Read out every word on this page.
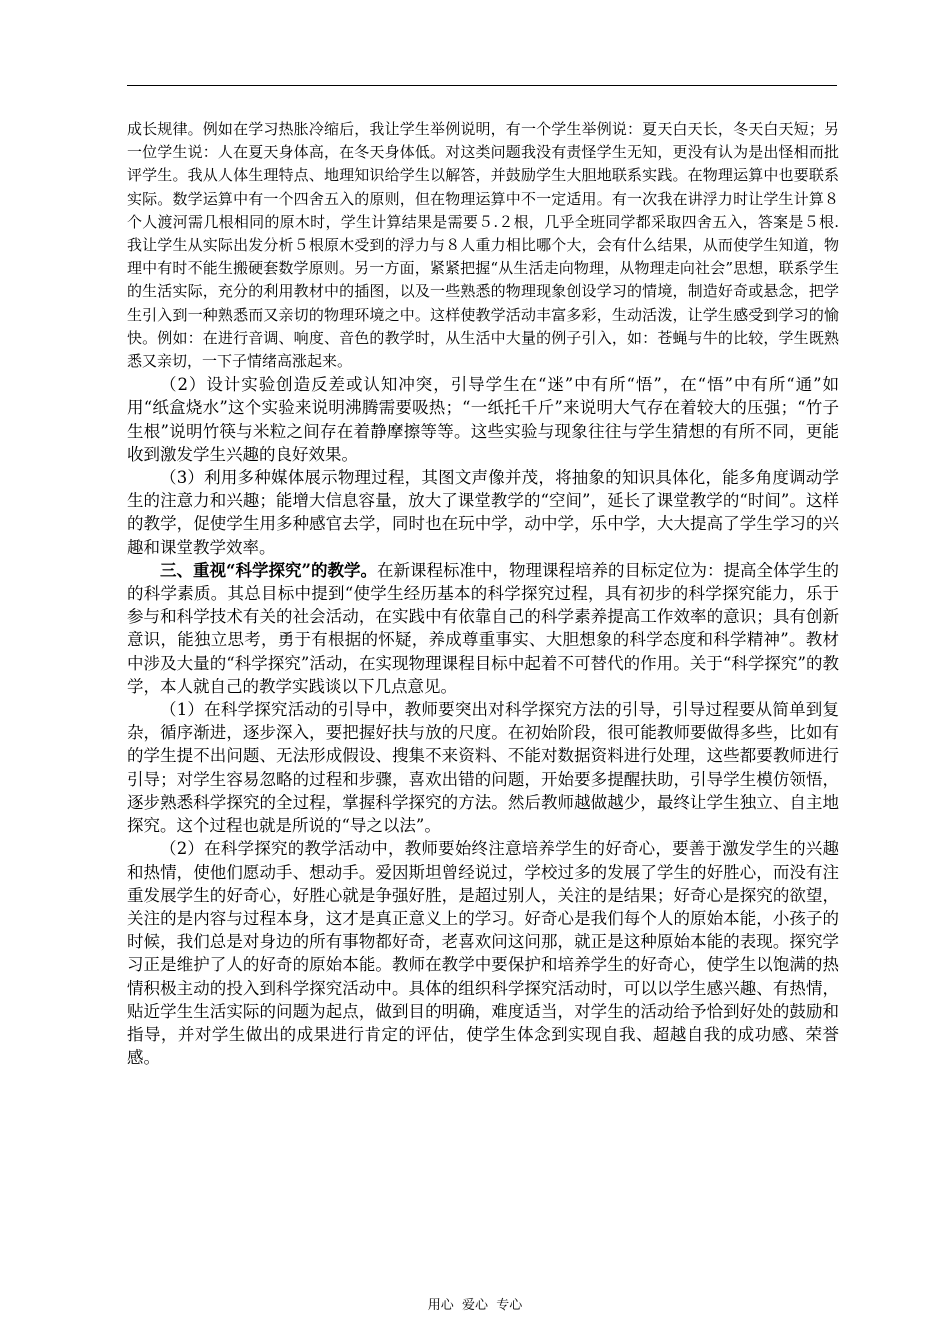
成长规律。例如在学习热胀冷缩后，我让学生举例说明，有一个学生举例说：夏天白天长，冬天白天短；另一位学生说：人在夏天身体高，在冬天身体低。对这类问题我没有责怪学生无知，更没有认为是出怪相而批评学生。我从人体生理特点、地理知识给学生以解答，并鼓励学生大胆地联系实践。在物理运算中也要联系实际。数学运算中有一个四舍五入的原则，但在物理运算中不一定适用。有一次我在讲浮力时让学生计算８个人渡河需几根相同的原木时，学生计算结果是需要５.２根，几乎全班同学都采取四舍五入，答案是５根.我让学生从实际出发分析５根原木受到的浮力与８人重力相比哪个大，会有什么结果，从而使学生知道，物理中有时不能生搬硬套数学原则。另一方面，紧紧把握“从生活走向物理，从物理走向社会”思想，联系学生的生活实际，充分的利用教材中的插图，以及一些熟悉的物理现象创设学习的情境，制造好奇或悬念，把学生引入到一种熟悉而又亲切的物理环境之中。这样使教学活动丰富多彩，生动活泼，让学生感受到学习的愉快。例如：在进行音调、响度、音色的教学时，从生活中大量的例子引入，如：苍蝇与牛的比较，学生既熟悉又亲切，一下子情绪高涨起来。

（2）设计实验创造反差或认知冲突，引导学生在“迷”中有所“悟”，在“悟”中有所“通”如用“纸盒烧水”这个实验来说明沸腾需要吸热；“一纸托千斤”来说明大气存在着较大的压强；“竹子生根”说明竹筷与米粒之间存在着静摩擦等等。这些实验与现象往往与学生猜想的有所不同，更能收到激发学生兴趣的良好效果。

（3）利用多种媒体展示物理过程，其图文声像并茂，将抽象的知识具体化，能多角度调动学生的注意力和兴趣；能增大信息容量，放大了课堂教学的“空间”，延长了课堂教学的“时间”。这样的教学，促使学生用多种感官去学，同时也在玩中学，动中学，乐中学，大大提高了学生学习的兴趣和课堂教学效率。

三、重视“科学探究”的教学。在新课程标准中，物理课程培养的目标定位为：提高全体学生的的科学素质。其总目标中提到“使学生经历基本的科学探究过程，具有初步的科学探究能力，乐于参与和科学技术有关的社会活动，在实践中有依靠自己的科学素养提高工作效率的意识；具有创新意识，能独立思考，勇于有根据的怀疑，养成尊重事实、大胆想象的科学态度和科学精神”。教材中涉及大量的“科学探究”活动，在实现物理课程目标中起着不可替代的作用。关于“科学探究”的教学，本人就自己的教学实践谈以下几点意见。

（1）在科学探究活动的引导中，教师要突出对科学探究方法的引导，引导过程要从简单到复杂，循序渐进，逐步深入，要把握好扶与放的尺度。在初始阶段，很可能教师要做得多些，比如有的学生提不出问题、无法形成假设、搜集不来资料、不能对数据资料进行处理，这些都要教师进行引导；对学生容易忽略的过程和步骤，喜欢出错的问题，开始要多提醒扶助，引导学生模仿领悟，逐步熟悉科学探究的全过程，掌握科学探究的方法。然后教师越做越少，最终让学生独立、自主地探究。这个过程也就是所说的“导之以法”。

（2）在科学探究的教学活动中，教师要始终注意培养学生的好奇心，要善于激发学生的兴趣和热情，使他们愿动手、想动手。爱因斯坦曾经说过，学校过多的发展了学生的好胜心，而没有注重发展学生的好奇心，好胜心就是争强好胜，是超过别人，关注的是结果；好奇心是探究的欲望，关注的是内容与过程本身，这才是真正意义上的学习。好奇心是我们每个人的原始本能，小孩子的时候，我们总是对身边的所有事物都好奇，老喜欢问这问那，就正是这种原始本能的表现。探究学习正是维护了人的好奇的原始本能。教师在教学中要保护和培养学生的好奇心，使学生以饱满的热情积极主动的投入到科学探究活动中。具体的组织科学探究活动时，可以以学生感兴趣、有热情，贴近学生生活实际的问题为起点，做到目的明确，难度适当，对学生的活动给予恰到好处的鼓励和指导，并对学生做出的成果进行肯定的评估，使学生体念到实现自我、超越自我的成功感、荣誉感。

用心  爱心  专心
